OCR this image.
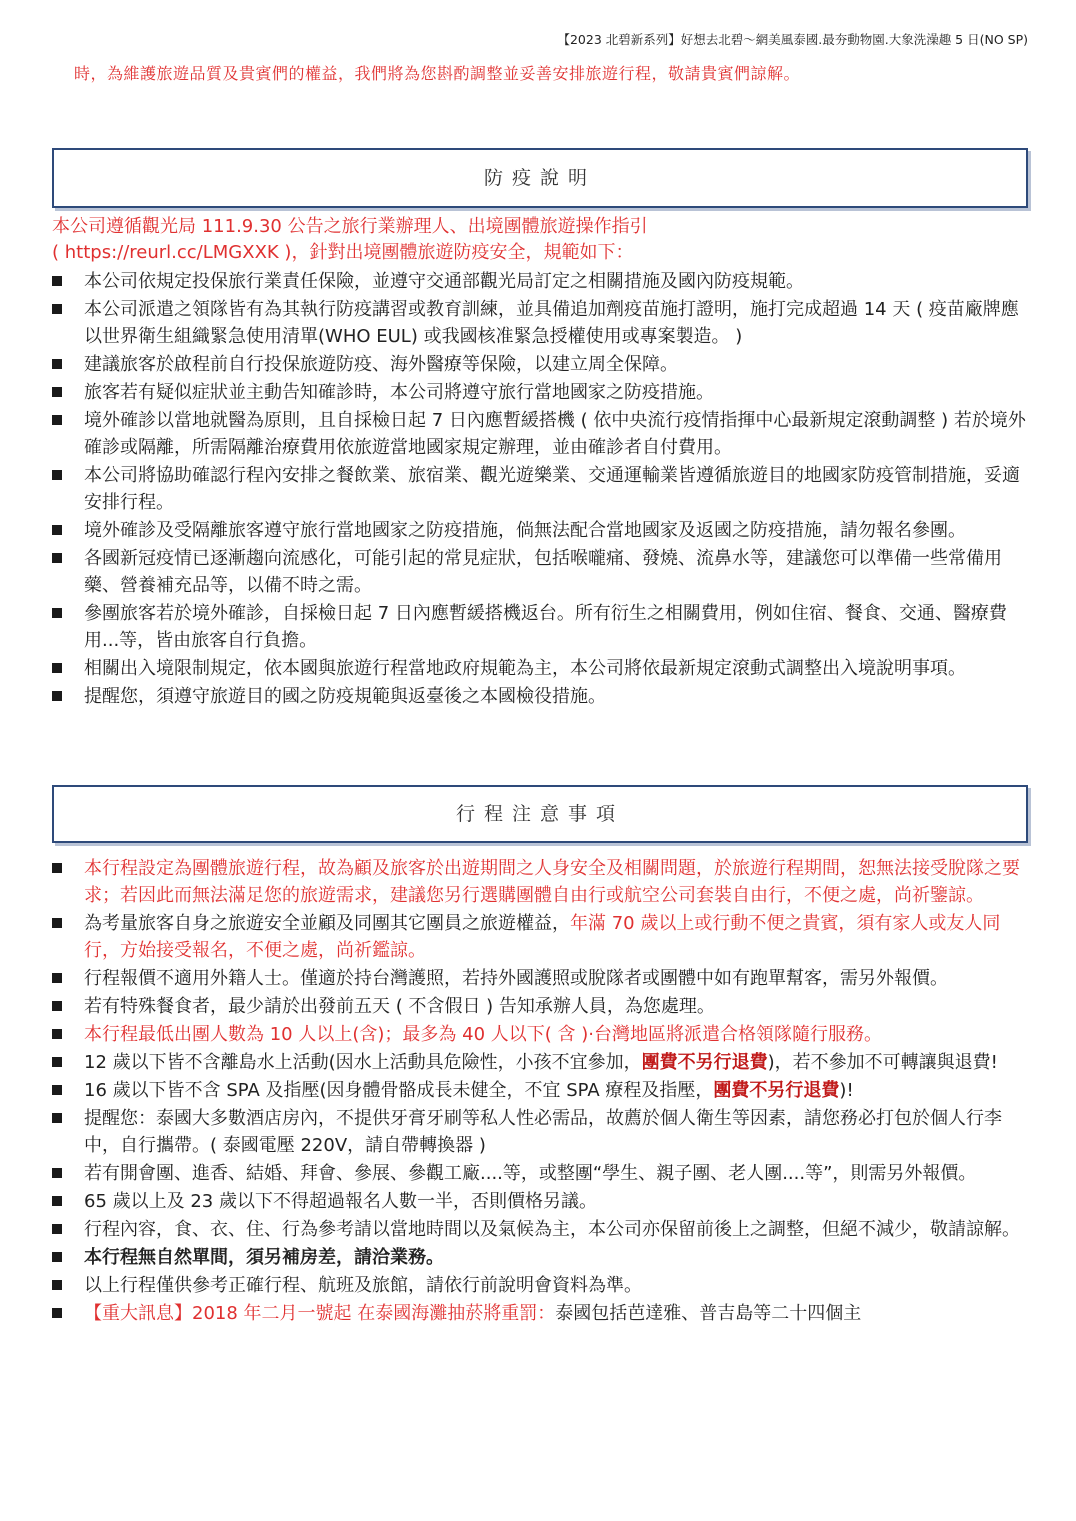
【2023 北碧新系列】好想去北碧～網美風泰國.最夯動物園.大象洗澡趣 5 日(NO SP)
時，為維護旅遊品質及貴賓們的權益，我們將為您斟酌調整並妥善安排旅遊行程，敬請貴賓們諒解。
防疫說明
本公司遵循觀光局 111.9.30 公告之旅行業辦理人、出境團體旅遊操作指引
( https://reurl.cc/LMGXXK )，針對出境團體旅遊防疫安全，規範如下：
本公司依規定投保旅行業責任保險，並遵守交通部觀光局訂定之相關措施及國內防疫規範。
本公司派遣之領隊皆有為其執行防疫講習或教育訓練，並具備追加劑疫苗施打證明，施打完成超過 14 天 ( 疫苗廠牌應以世界衛生組織緊急使用清單(WHO EUL) 或我國核准緊急授權使用或專案製造。 )
建議旅客於啟程前自行投保旅遊防疫、海外醫療等保險，以建立周全保障。
旅客若有疑似症狀並主動告知確診時，本公司將遵守旅行當地國家之防疫措施。
境外確診以當地就醫為原則，且自採檢日起 7 日內應暫緩搭機 ( 依中央流行疫情指揮中心最新規定滾動調整 ) 若於境外確診或隔離，所需隔離治療費用依旅遊當地國家規定辦理，並由確診者自付費用。
本公司將協助確認行程內安排之餐飲業、旅宿業、觀光遊樂業、交通運輸業皆遵循旅遊目的地國家防疫管制措施，妥適安排行程。
境外確診及受隔離旅客遵守旅行當地國家之防疫措施，倘無法配合當地國家及返國之防疫措施，請勿報名參團。
各國新冠疫情已逐漸趨向流感化，可能引起的常見症狀，包括喉嚨痛、發燒、流鼻水等，建議您可以準備一些常備用藥、營養補充品等，以備不時之需。
參團旅客若於境外確診，自採檢日起 7 日內應暫緩搭機返台。所有衍生之相關費用，例如住宿、餐食、交通、醫療費用...等，皆由旅客自行負擔。
相關出入境限制規定，依本國與旅遊行程當地政府規範為主，本公司將依最新規定滾動式調整出入境說明事項。
提醒您，須遵守旅遊目的國之防疫規範與返臺後之本國檢役措施。
行程注意事項
本行程設定為團體旅遊行程，故為顧及旅客於出遊期間之人身安全及相關問題，於旅遊行程期間，恕無法接受脫隊之要求；若因此而無法滿足您的旅遊需求，建議您另行選購團體自由行或航空公司套裝自由行，不便之處，尚祈鑒諒。
為考量旅客自身之旅遊安全並顧及同團其它團員之旅遊權益，年滿 70 歲以上或行動不便之貴賓，須有家人或友人同行，方始接受報名，不便之處，尚祈鑑諒。
行程報價不適用外籍人士。僅適於持台灣護照，若持外國護照或脫隊者或團體中如有跑單幫客，需另外報價。
若有特殊餐食者，最少請於出發前五天 ( 不含假日 ) 告知承辦人員，為您處理。
本行程最低出團人數為 10 人以上(含)；最多為 40 人以下( 含 )·台灣地區將派遣合格領隊隨行服務。
12 歲以下皆不含離島水上活動(因水上活動具危險性，小孩不宜參加，團費不另行退費)，若不參加不可轉讓與退費!
16 歲以下皆不含 SPA 及指壓(因身體骨骼成長未健全，不宜 SPA 療程及指壓，團費不另行退費)!
提醒您：泰國大多數酒店房內，不提供牙膏牙刷等私人性必需品，故薦於個人衛生等因素，請您務必打包於個人行李中，自行攜帶。( 泰國電壓 220V，請自帶轉換器 )
若有開會團、進香、結婚、拜會、參展、參觀工廠....等，或整團“學生、親子團、老人團....等”，則需另外報價。
65 歲以上及 23 歲以下不得超過報名人數一半，否則價格另議。
行程內容，食、衣、住、行為參考請以當地時間以及氣候為主，本公司亦保留前後上之調整，但絕不減少，敬請諒解。
本行程無自然單間，須另補房差，請洽業務。
以上行程僅供參考正確行程、航班及旅館，請依行前說明會資料為準。
【重大訊息】2018 年二月一號起 在泰國海灘抽菸將重罰：泰國包括芭達雅、普吉島等二十四個主
